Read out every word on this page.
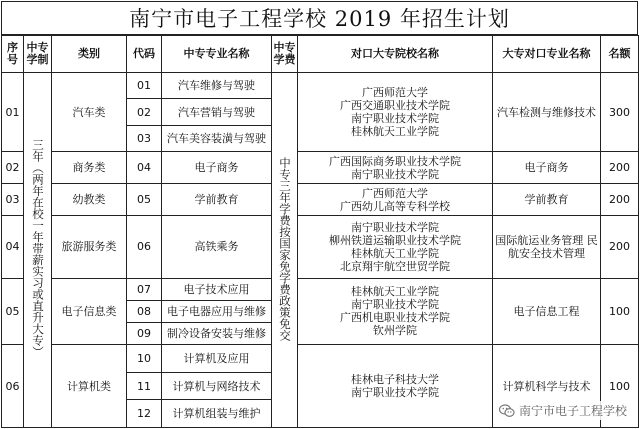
南宁市电子工程学校 2019 年招生计划
序号	中专学制	类别	代码	中专专业名称	中专学费	对口大专院校名称	大专对口专业名称	名额
01	三年（两年在校一年带薪实习或直升大专）	汽车类	01	汽车维修与驾驶	中专三年学费按国家免学费政策免交	广西师范大学
广西交通职业技术学院
南宁职业技术学院
桂林航天工业学院	汽车检测与维修技术	300
			02	汽车营销与驾驶				
			03	汽车美容装潢与驾驶				
02		商务类	04	电子商务		广西国际商务职业技术学院
南宁职业技术学院	电子商务	200
03		幼教类	05	学前教育		广西师范大学
广西幼儿高等专科学校	学前教育	200
04		旅游服务类	06	高铁乘务		南宁职业技术学院
柳州铁道运输职业技术学院
桂林航天工业学院
北京翔宇航空世贸学院	国际航运业务管理 民航安全技术管理	200
05		电子信息类	07	电子技术应用		桂林航天工业学院
南宁职业技术学院
广西机电职业技术学院
钦州学院	电子信息工程	100
			08	电子电器应用与维修				
			09	制冷设备安装与维修				
06		计算机类	10	计算机及应用		桂林电子科技大学
南宁职业技术学院	计算机科学与技术	100
			11	计算机与网络技术				
			12	计算机组装与维护					南宁市电子工程学校
